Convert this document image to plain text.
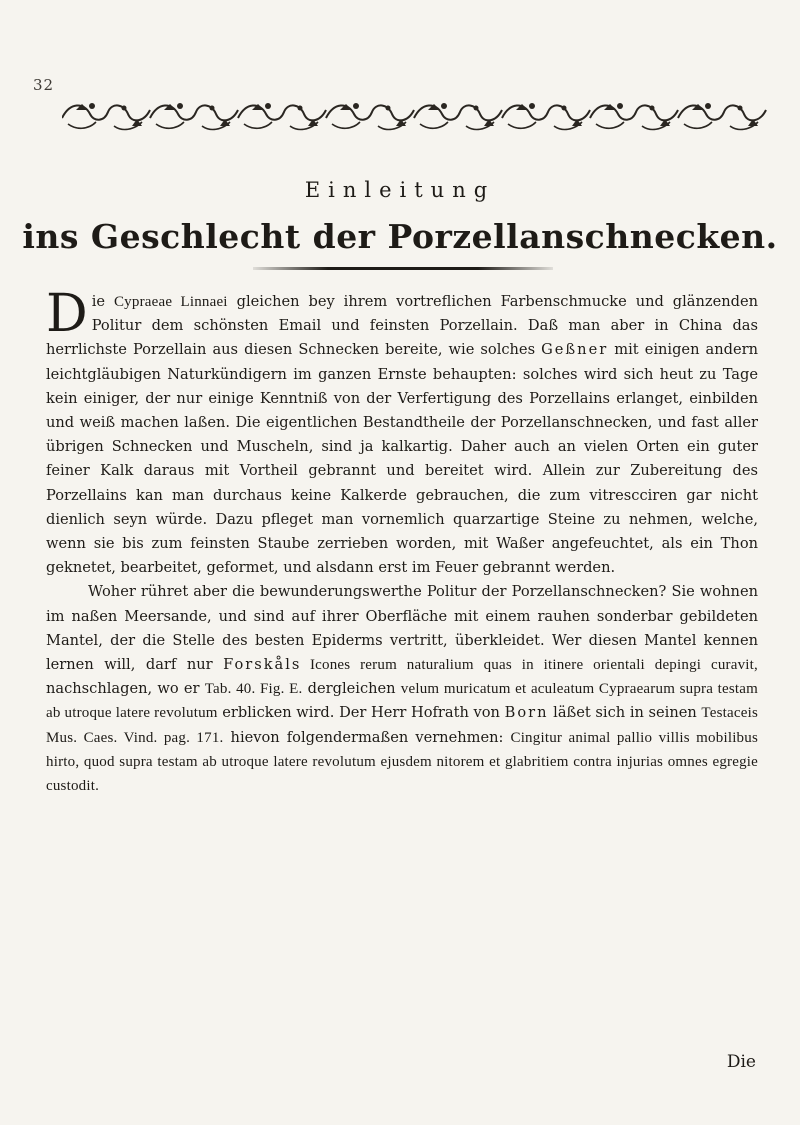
32
Einleitung
ins Geschlecht der Porzellanschnecken.

Die Cypraeae Linnaei gleichen bey ihrem vortreflichen Farbenschmucke und glänzenden Politur dem schönsten Email und feinsten Porzellain. Daß man aber in China das herrlichste Porzellain aus diesen Schnecken bereite, wie solches Geßner mit einigen andern leichtgläubigen Naturkündigern im ganzen Ernste behaupten: solches wird sich heut zu Tage kein einiger, der nur einige Kenntniß von der Verfertigung des Porzellains erlanget, einbilden und weiß machen laßen. Die eigentlichen Bestandtheile der Porzellanschnecken, und fast aller übrigen Schnecken und Muscheln, sind ja kalkartig. Daher auch an vielen Orten ein guter feiner Kalk daraus mit Vortheil gebrannt und bereitet wird. Allein zur Zubereitung des Porzellains kan man durchaus keine Kalkerde gebrauchen, die zum vitrescciren gar nicht dienlich seyn würde. Dazu pfleget man vornemlich quarzartige Steine zu nehmen, welche, wenn sie bis zum feinsten Staube zerrieben worden, mit Waßer angefeuchtet, als ein Thon geknetet, bearbeitet, geformet, und alsdann erst im Feuer gebrannt werden.

Woher rühret aber die bewunderungswerthe Politur der Porzellanschnecken? Sie wohnen im naßen Meersande, und sind auf ihrer Oberfläche mit einem rauhen sonderbar gebildeten Mantel, der die Stelle des besten Epiderms vertritt, überkleidet. Wer diesen Mantel kennen lernen will, darf nur Forskåls Icones rerum naturalium quas in itinere orientali depingi curavit, nachschlagen, wo er Tab. 40. Fig. E. dergleichen velum muricatum et aculeatum Cypraearum supra testam ab utroque latere revolutum erblicken wird. Der Herr Hofrath von Born läßet sich in seinen Testaceis Mus. Caes. Vind. pag. 171. hievon folgendermaßen vernehmen: Cingitur animal pallio villis mobilibus hirto, quod supra testam ab utroque latere revolutum ejusdem nitorem et glabritiem contra injurias omnes egregie custodit.

Die
